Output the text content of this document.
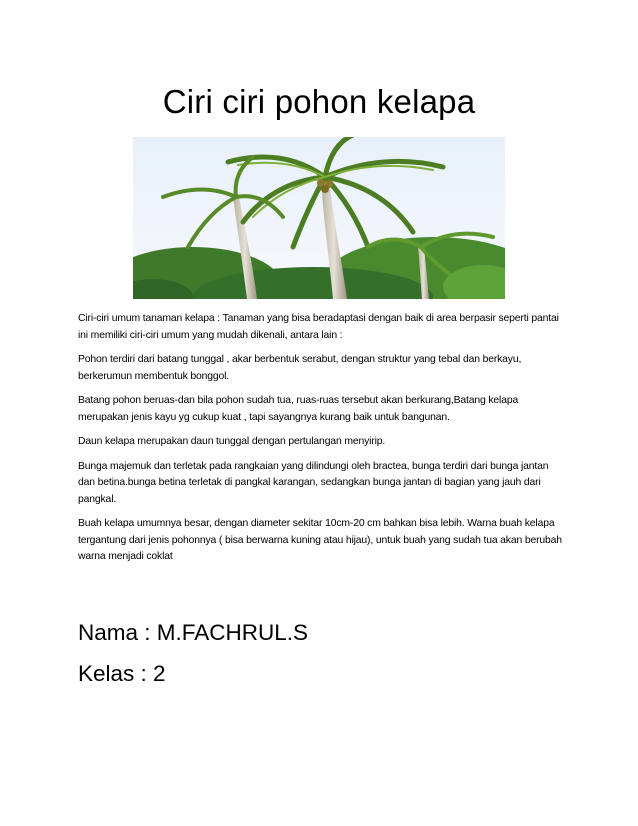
Ciri ciri pohon kelapa

Ciri-ciri umum tanaman kelapa : Tanaman yang bisa beradaptasi dengan baik di area berpasir seperti pantai ini memiliki ciri-ciri umum yang mudah dikenali, antara lain :

Pohon terdiri dari batang tunggal , akar berbentuk serabut, dengan struktur yang tebal dan berkayu, berkerumun membentuk bonggol.

Batang pohon beruas-dan bila pohon sudah tua, ruas-ruas tersebut akan berkurang,Batang kelapa merupakan jenis kayu yg cukup kuat , tapi sayangnya kurang baik untuk bangunan.

Daun kelapa merupakan daun tunggal dengan pertulangan menyirip.

Bunga majemuk dan terletak pada rangkaian yang dilindungi oleh bractea, bunga terdiri dari bunga jantan dan betina.bunga betina terletak di pangkal karangan, sedangkan bunga jantan di bagian yang jauh dari pangkal.

Buah kelapa umumnya besar, dengan diameter sekitar 10cm-20 cm bahkan bisa lebih. Warna buah kelapa tergantung dari jenis pohonnya ( bisa berwarna kuning atau hijau), untuk buah yang sudah tua akan berubah warna menjadi coklat

Nama : M.FACHRUL.S
Kelas : 2
